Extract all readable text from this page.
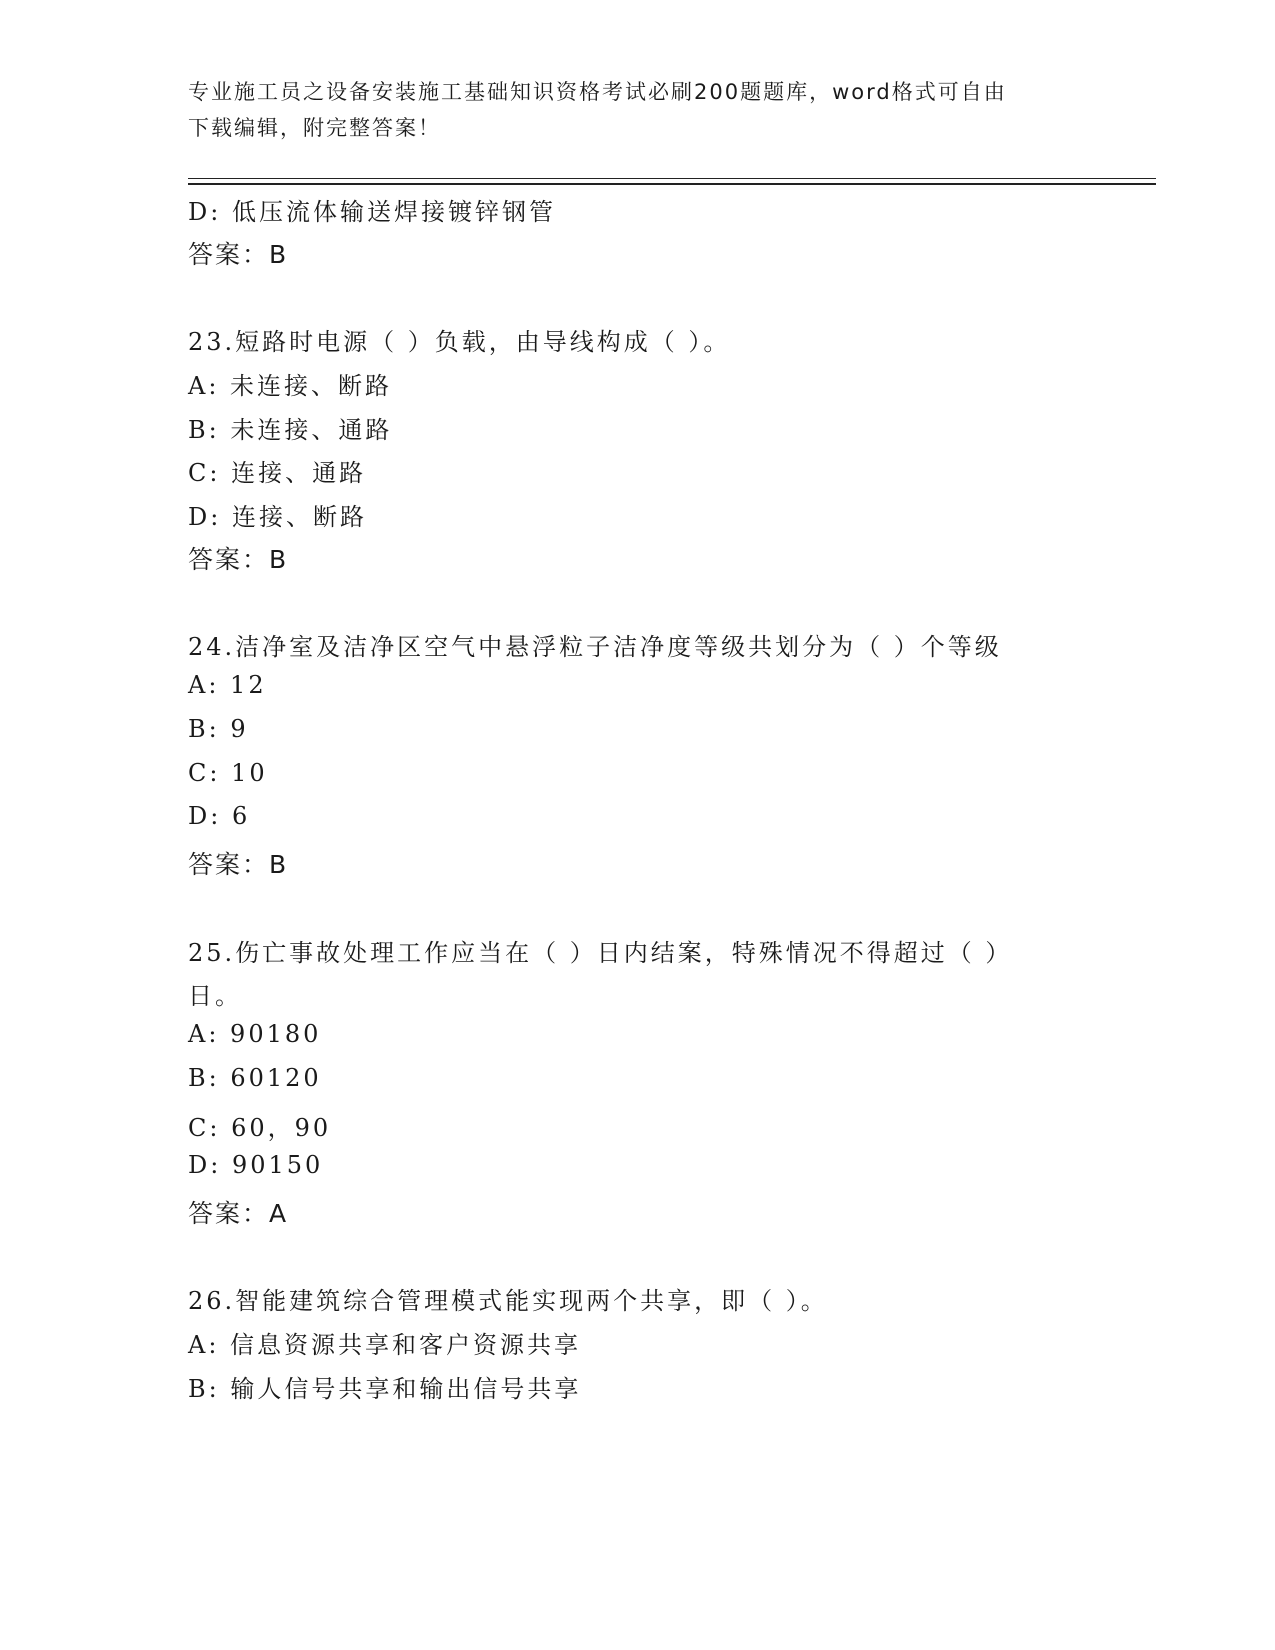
专业施工员之设备安装施工基础知识资格考试必刷200题题库，word格式可自由
下载编辑，附完整答案！
D: 低压流体输送焊接镀锌钢管
答案：B
23.短路时电源（ ）负载，由导线构成（ ）。
A: 未连接、断路
B: 未连接、通路
C: 连接、通路
D: 连接、断路
答案：B
24.洁净室及洁净区空气中悬浮粒子洁净度等级共划分为（ ）个等级
A: 12
B: 9
C: 10
D: 6
答案：B
25.伤亡事故处理工作应当在（ ）日内结案，特殊情况不得超过（ ）
日。
A: 90180
B: 60120
C: 60，90
D: 90150
答案：A
26.智能建筑综合管理模式能实现两个共享，即（ ）。
A: 信息资源共享和客户资源共享
B: 输人信号共享和输出信号共享
